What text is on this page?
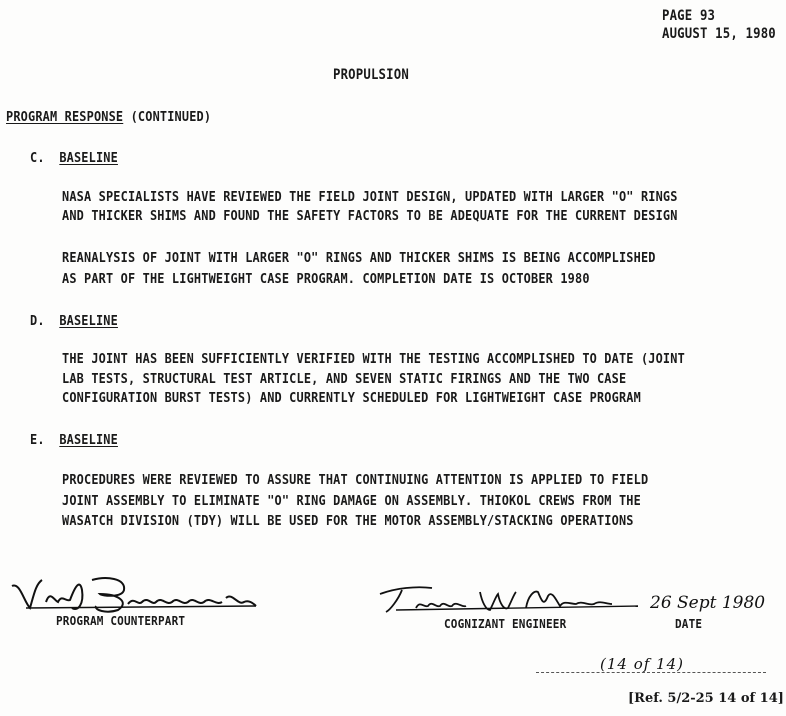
PAGE 93
AUGUST 15, 1980
PROPULSION
PROGRAM RESPONSE (CONTINUED)
C. BASELINE
NASA SPECIALISTS HAVE REVIEWED THE FIELD JOINT DESIGN, UPDATED WITH LARGER "O" RINGS
AND THICKER SHIMS AND FOUND THE SAFETY FACTORS TO BE ADEQUATE FOR THE CURRENT DESIGN
REANALYSIS OF JOINT WITH LARGER "O" RINGS AND THICKER SHIMS IS BEING ACCOMPLISHED
AS PART OF THE LIGHTWEIGHT CASE PROGRAM. COMPLETION DATE IS OCTOBER 1980
D. BASELINE
THE JOINT HAS BEEN SUFFICIENTLY VERIFIED WITH THE TESTING ACCOMPLISHED TO DATE (JOINT
LAB TESTS, STRUCTURAL TEST ARTICLE, AND SEVEN STATIC FIRINGS AND THE TWO CASE
CONFIGURATION BURST TESTS) AND CURRENTLY SCHEDULED FOR LIGHTWEIGHT CASE PROGRAM
E. BASELINE
PROCEDURES WERE REVIEWED TO ASSURE THAT CONTINUING ATTENTION IS APPLIED TO FIELD
JOINT ASSEMBLY TO ELIMINATE "O" RING DAMAGE ON ASSEMBLY. THIOKOL CREWS FROM THE
WASATCH DIVISION (TDY) WILL BE USED FOR THE MOTOR ASSEMBLY/STACKING OPERATIONS
PROGRAM COUNTERPART	COGNIZANT ENGINEER
26 Sept 1980
DATE
(14 of 14)
[Ref. 5/2-25 14 of 14]
